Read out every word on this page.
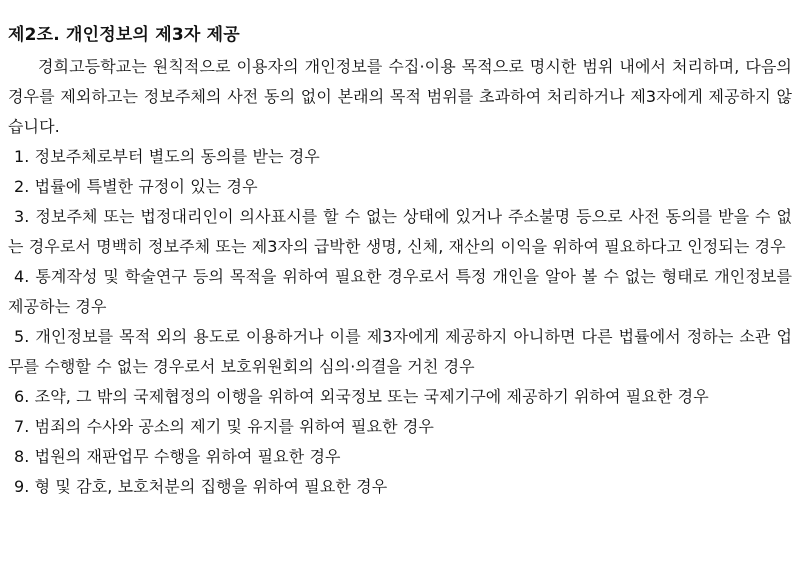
제2조. 개인정보의 제3자 제공

경희고등학교는 원칙적으로 이용자의 개인정보를 수집·이용 목적으로 명시한 범위 내에서 처리하며, 다음의 경우를 제외하고는 정보주체의 사전 동의 없이 본래의 목적 범위를 초과하여 처리하거나 제3자에게 제공하지 않습니다.

1. 정보주체로부터 별도의 동의를 받는 경우
2. 법률에 특별한 규정이 있는 경우
3. 정보주체 또는 법정대리인이 의사표시를 할 수 없는 상태에 있거나 주소불명 등으로 사전 동의를 받을 수 없는 경우로서 명백히 정보주체 또는 제3자의 급박한 생명, 신체, 재산의 이익을 위하여 필요하다고 인정되는 경우
4. 통계작성 및 학술연구 등의 목적을 위하여 필요한 경우로서 특정 개인을 알아 볼 수 없는 형태로 개인정보를 제공하는 경우
5. 개인정보를 목적 외의 용도로 이용하거나 이를 제3자에게 제공하지 아니하면 다른 법률에서 정하는 소관 업무를 수행할 수 없는 경우로서 보호위원회의 심의·의결을 거친 경우
6. 조약, 그 밖의 국제협정의 이행을 위하여 외국정보 또는 국제기구에 제공하기 위하여 필요한 경우
7. 범죄의 수사와 공소의 제기 및 유지를 위하여 필요한 경우
8. 법원의 재판업무 수행을 위하여 필요한 경우
9. 형 및 감호, 보호처분의 집행을 위하여 필요한 경우
